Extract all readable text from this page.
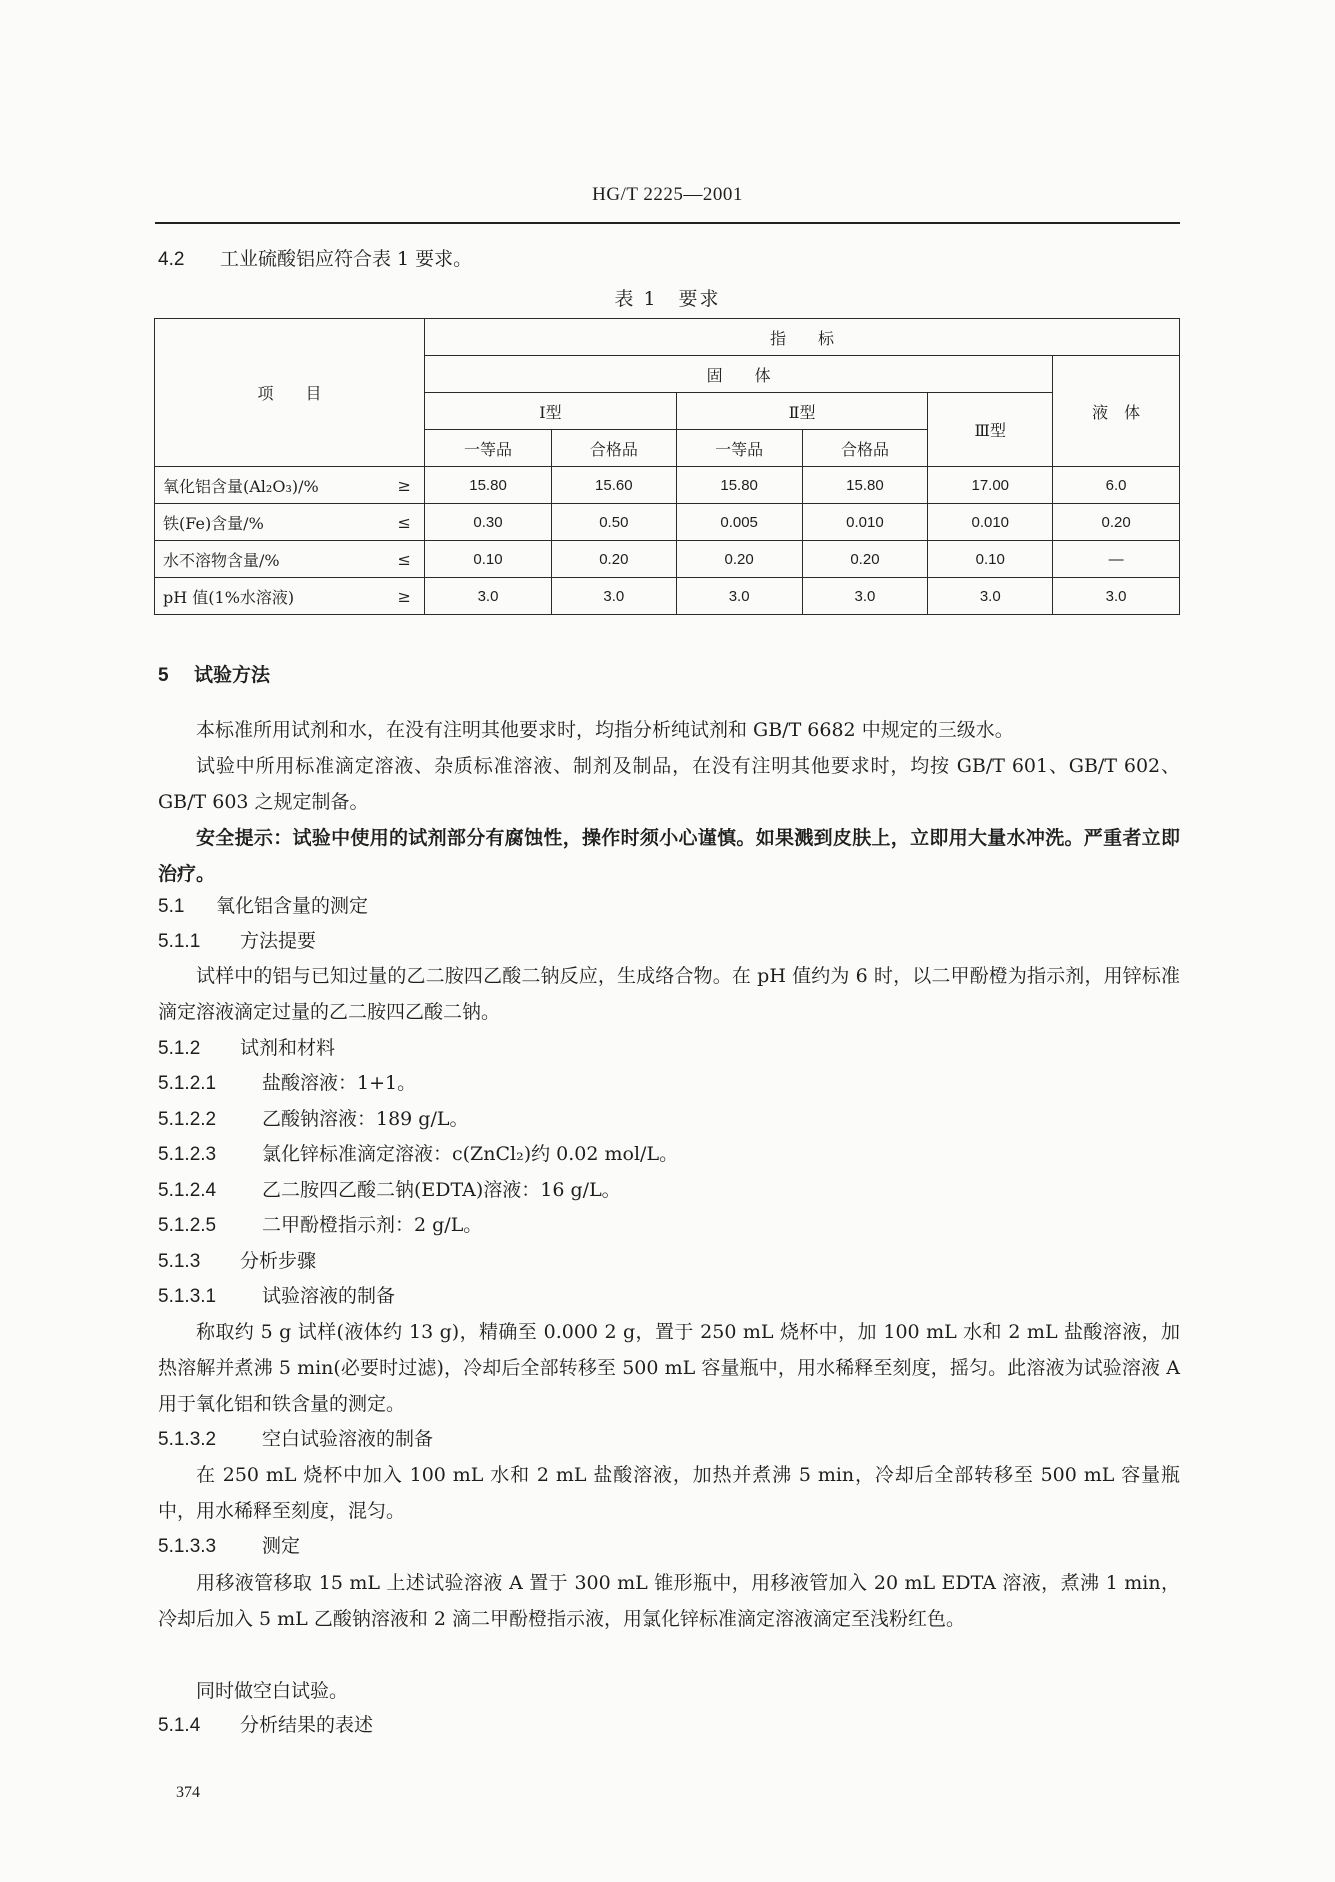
HG/T 2225—2001
4.2 工业硫酸铝应符合表 1 要求。
表 1　要求
项　　目		指　　标					
		固　　体					液　体
		Ⅰ型		Ⅱ型		Ⅲ型	
		一等品	合格品	一等品	合格品		
氧化铝含量(Al₂O₃)/%	≥	15.80	15.60	15.80	15.80	17.00	6.0
铁(Fe)含量/%	≤	0.30	0.50	0.005	0.010	0.010	0.20
水不溶物含量/%	≤	0.10	0.20	0.20	0.20	0.10	—
pH 值(1%水溶液)	≥	3.0	3.0	3.0	3.0	3.0	3.0
5 试验方法
本标准所用试剂和水，在没有注明其他要求时，均指分析纯试剂和 GB/T 6682 中规定的三级水。
试验中所用标准滴定溶液、杂质标准溶液、制剂及制品，在没有注明其他要求时，均按 GB/T 601、GB/T 602、GB/T 603 之规定制备。
安全提示：试验中使用的试剂部分有腐蚀性，操作时须小心谨慎。如果溅到皮肤上，立即用大量水冲洗。严重者立即治疗。
5.1 氧化铝含量的测定
5.1.1 方法提要
试样中的铝与已知过量的乙二胺四乙酸二钠反应，生成络合物。在 pH 值约为 6 时，以二甲酚橙为指示剂，用锌标准滴定溶液滴定过量的乙二胺四乙酸二钠。
5.1.2 试剂和材料
5.1.2.1 盐酸溶液：1+1。
5.1.2.2 乙酸钠溶液：189 g/L。
5.1.2.3 氯化锌标准滴定溶液：c(ZnCl₂)约 0.02 mol/L。
5.1.2.4 乙二胺四乙酸二钠(EDTA)溶液：16 g/L。
5.1.2.5 二甲酚橙指示剂：2 g/L。
5.1.3 分析步骤
5.1.3.1 试验溶液的制备
称取约 5 g 试样(液体约 13 g)，精确至 0.000 2 g，置于 250 mL 烧杯中，加 100 mL 水和 2 mL 盐酸溶液，加热溶解并煮沸 5 min(必要时过滤)，冷却后全部转移至 500 mL 容量瓶中，用水稀释至刻度，摇匀。此溶液为试验溶液 A 用于氧化铝和铁含量的测定。
5.1.3.2 空白试验溶液的制备
在 250 mL 烧杯中加入 100 mL 水和 2 mL 盐酸溶液，加热并煮沸 5 min，冷却后全部转移至 500 mL 容量瓶中，用水稀释至刻度，混匀。
5.1.3.3 测定
用移液管移取 15 mL 上述试验溶液 A 置于 300 mL 锥形瓶中，用移液管加入 20 mL EDTA 溶液，煮沸 1 min，冷却后加入 5 mL 乙酸钠溶液和 2 滴二甲酚橙指示液，用氯化锌标准滴定溶液滴定至浅粉红色。
同时做空白试验。
5.1.4 分析结果的表述
374
